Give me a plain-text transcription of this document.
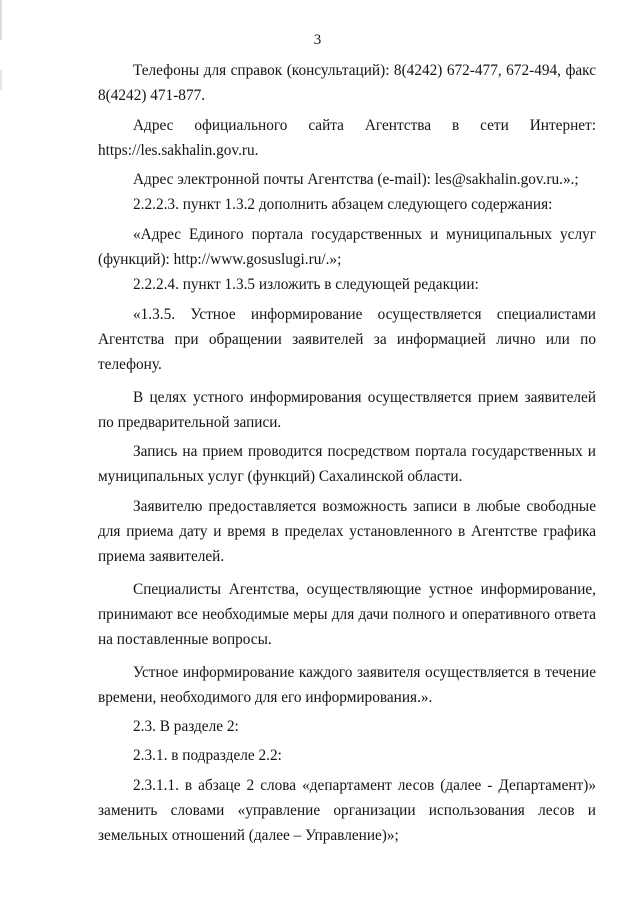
3

Телефоны для справок (консультаций): 8(4242) 672-477, 672-494, факс 8(4242) 471-877.

Адрес официального сайта Агентства в сети Интернет: https://les.sakhalin.gov.ru.

Адрес электронной почты Агентства (e-mail): les@sakhalin.gov.ru.».;

2.2.2.3. пункт 1.3.2 дополнить абзацем следующего содержания:

«Адрес Единого портала государственных и муниципальных услуг (функций): http://www.gosuslugi.ru/.»;

2.2.2.4. пункт 1.3.5 изложить в следующей редакции:

«1.3.5. Устное информирование осуществляется специалистами Агентства при обращении заявителей за информацией лично или по телефону.

В целях устного информирования осуществляется прием заявителей по предварительной записи.

Запись на прием проводится посредством портала государственных и муниципальных услуг (функций) Сахалинской области.

Заявителю предоставляется возможность записи в любые свободные для приема дату и время в пределах установленного в Агентстве графика приема заявителей.

Специалисты Агентства, осуществляющие устное информирование, принимают все необходимые меры для дачи полного и оперативного ответа на поставленные вопросы.

Устное информирование каждого заявителя осуществляется в течение времени, необходимого для его информирования.».

2.3. В разделе 2:

2.3.1. в подразделе 2.2:

2.3.1.1. в абзаце 2 слова «департамент лесов (далее - Департамент)» заменить словами «управление организации использования лесов и земельных отношений (далее – Управление)»;
